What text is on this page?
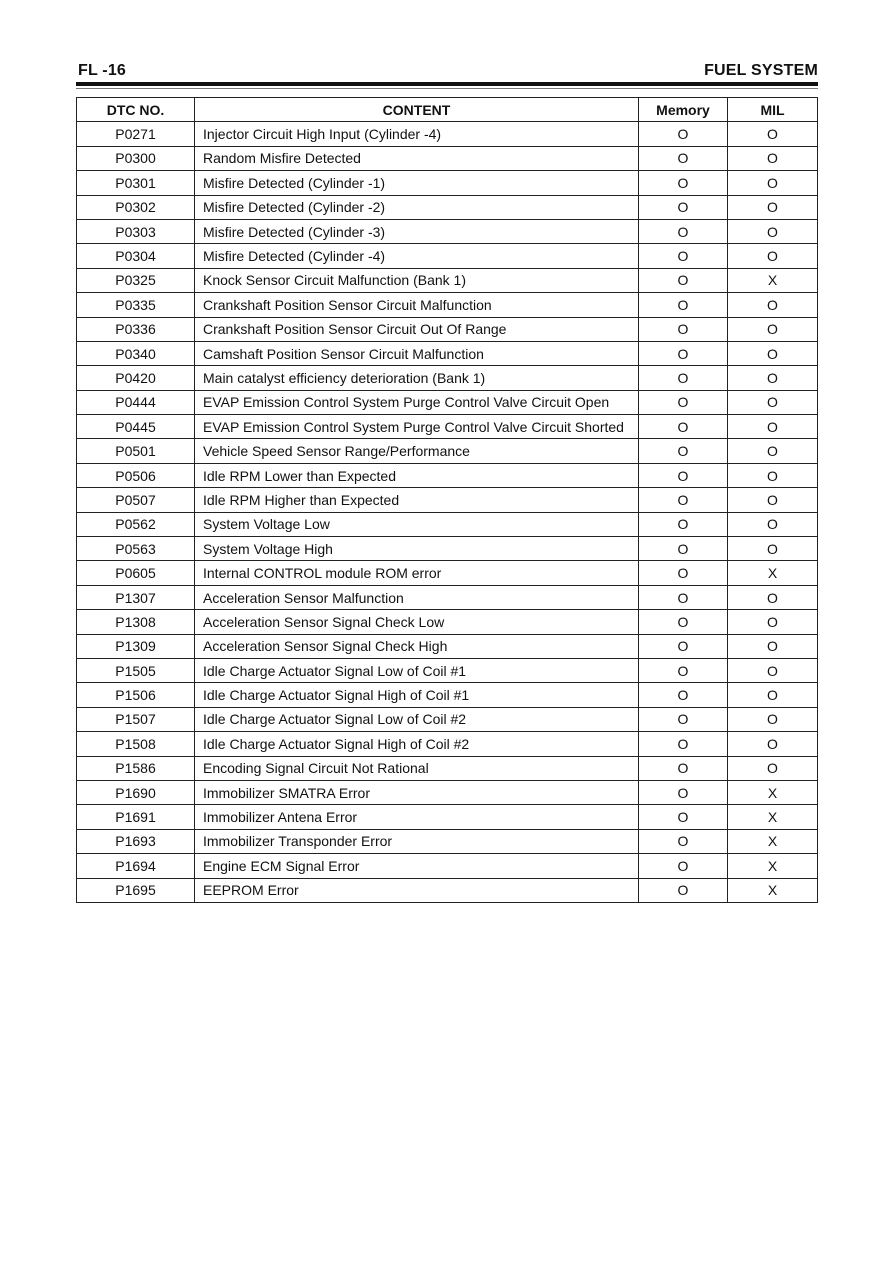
FL -16	FUEL SYSTEM
DTC NO.	CONTENT	Memory	MIL
P0271	Injector Circuit High Input (Cylinder -4)	O	O
P0300	Random Misfire Detected	O	O
P0301	Misfire Detected (Cylinder -1)	O	O
P0302	Misfire Detected (Cylinder -2)	O	O
P0303	Misfire Detected (Cylinder -3)	O	O
P0304	Misfire Detected (Cylinder -4)	O	O
P0325	Knock Sensor Circuit Malfunction (Bank 1)	O	X
P0335	Crankshaft Position Sensor Circuit Malfunction	O	O
P0336	Crankshaft Position Sensor Circuit Out Of Range	O	O
P0340	Camshaft Position Sensor Circuit Malfunction	O	O
P0420	Main catalyst efficiency deterioration (Bank 1)	O	O
P0444	EVAP Emission Control System Purge Control Valve Circuit Open	O	O
P0445	EVAP Emission Control System Purge Control Valve Circuit Shorted	O	O
P0501	Vehicle Speed Sensor Range/Performance	O	O
P0506	Idle RPM Lower than Expected	O	O
P0507	Idle RPM Higher than Expected	O	O
P0562	System Voltage Low	O	O
P0563	System Voltage High	O	O
P0605	Internal CONTROL module ROM error	O	X
P1307	Acceleration Sensor Malfunction	O	O
P1308	Acceleration Sensor Signal Check Low	O	O
P1309	Acceleration Sensor Signal Check High	O	O
P1505	Idle Charge Actuator Signal Low of Coil #1	O	O
P1506	Idle Charge Actuator Signal High of Coil #1	O	O
P1507	Idle Charge Actuator Signal Low of Coil #2	O	O
P1508	Idle Charge Actuator Signal High of Coil #2	O	O
P1586	Encoding Signal Circuit Not Rational	O	O
P1690	Immobilizer SMATRA Error	O	X
P1691	Immobilizer Antena Error	O	X
P1693	Immobilizer Transponder Error	O	X
P1694	Engine ECM Signal Error	O	X
P1695	EEPROM Error	O	X
